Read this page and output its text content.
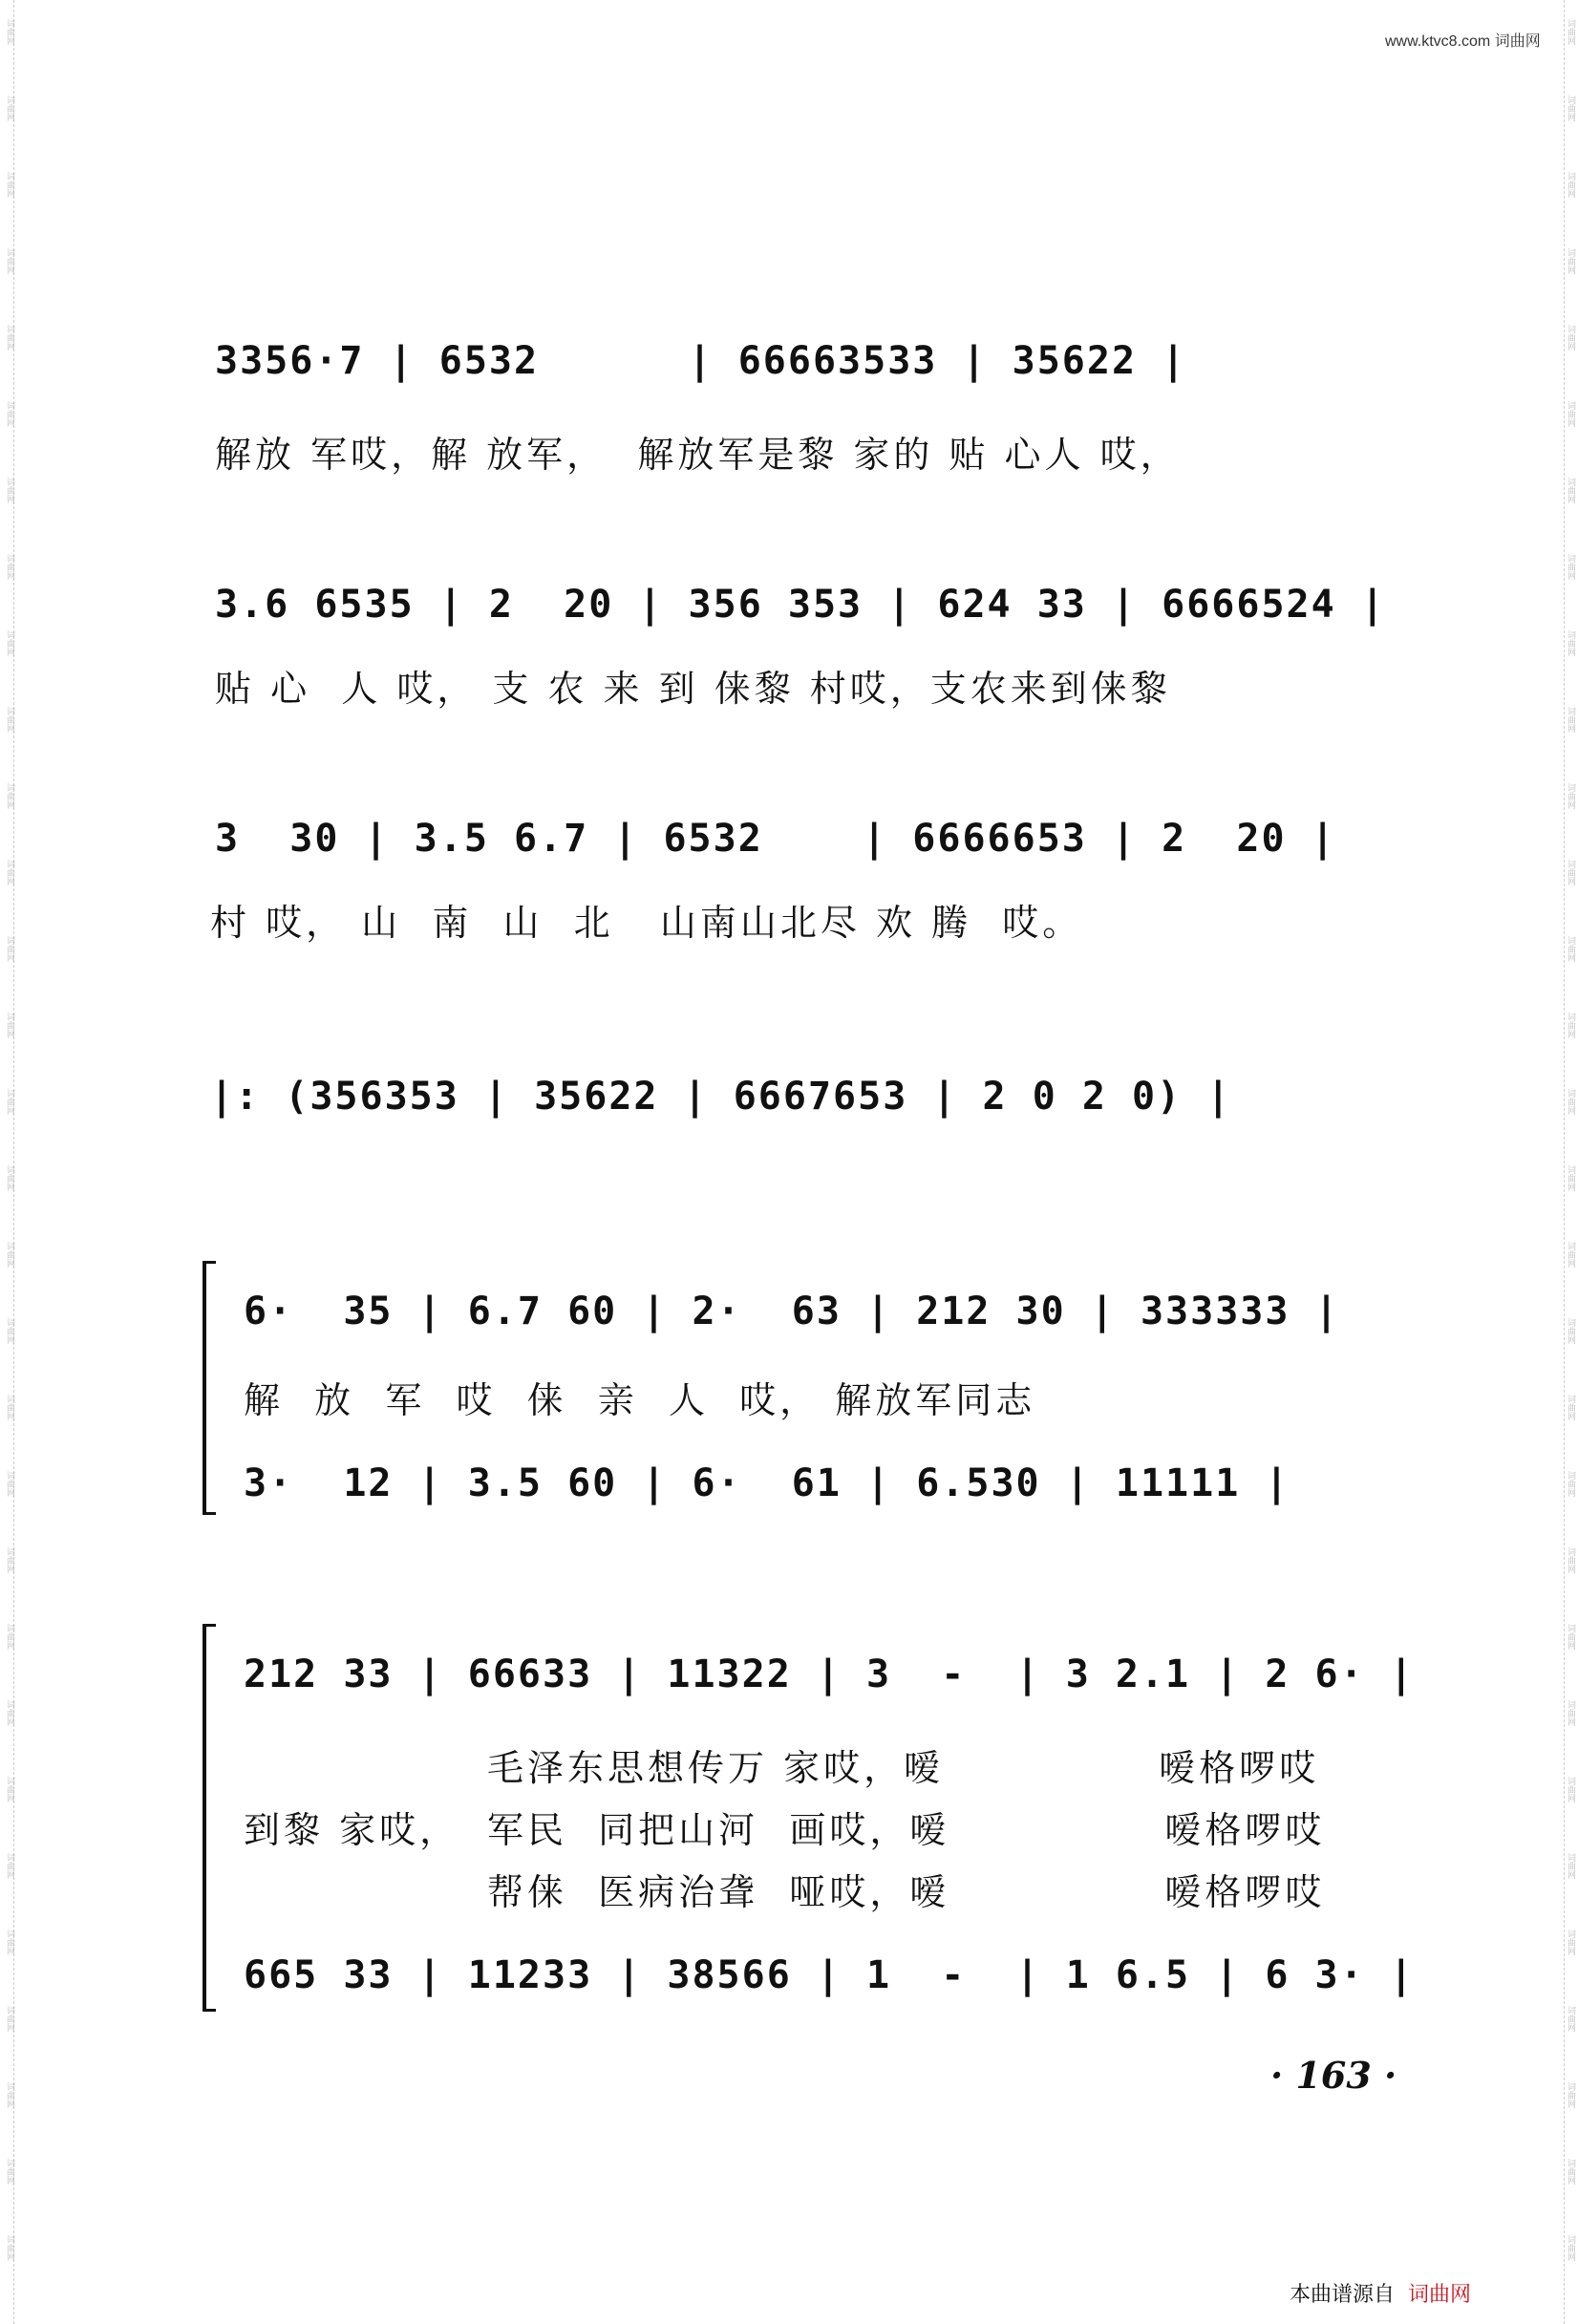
www.ktvc8.com 词曲网
词曲网
词曲网
词曲网
词曲网
词曲网
词曲网
词曲网
词曲网
词曲网
词曲网
词曲网
词曲网
词曲网
词曲网
词曲网
词曲网
词曲网
词曲网
词曲网
词曲网
词曲网
词曲网
词曲网
词曲网
词曲网
词曲网
词曲网
词曲网
词曲网
词曲网
词曲网
词曲网
词曲网
词曲网
词曲网
词曲网
词曲网
词曲网
词曲网
词曲网
词曲网
词曲网
词曲网
词曲网
词曲网
词曲网
词曲网
词曲网
词曲网
词曲网
词曲网
词曲网
词曲网
词曲网
词曲网
词曲网
词曲网
词曲网
词曲网
词曲网
3356·7 | 6532      | 66663533 | 35622 |
解放 军哎，解 放军，  解放军是黎 家的 贴 心人 哎，
3.6 6535 | 2  20 | 356 353 | 624 33 | 6666524 |
贴 心  人 哎， 支 农 来 到 俫黎 村哎，支农来到俫黎
3  30 | 3.5 6.7 | 6532    | 6666653 | 2  20 |
村 哎， 山  南  山  北   山南山北尽 欢 腾  哎。
|: (356353 | 35622 | 6667653 | 2 0 2 0) |
6·  35 | 6.7 60 | 2·  63 | 212 30 | 333333 |
解  放  军  哎  俫  亲  人  哎， 解放军同志
3·  12 | 3.5 60 | 6·  61 | 6.530 | 11111 |
212 33 | 66633 | 11322 | 3  -  | 3 2.1 | 2 6· |
到黎 家哎，
毛泽东思想传万 家哎，嗳              嗳格啰哎
军民  同把山河  画哎，嗳              嗳格啰哎
帮俫  医病治聋  哑哎，嗳              嗳格啰哎
665 33 | 11233 | 38566 | 1  -  | 1 6.5 | 6 3· |
· 163 ·
本曲谱源自 词曲网
